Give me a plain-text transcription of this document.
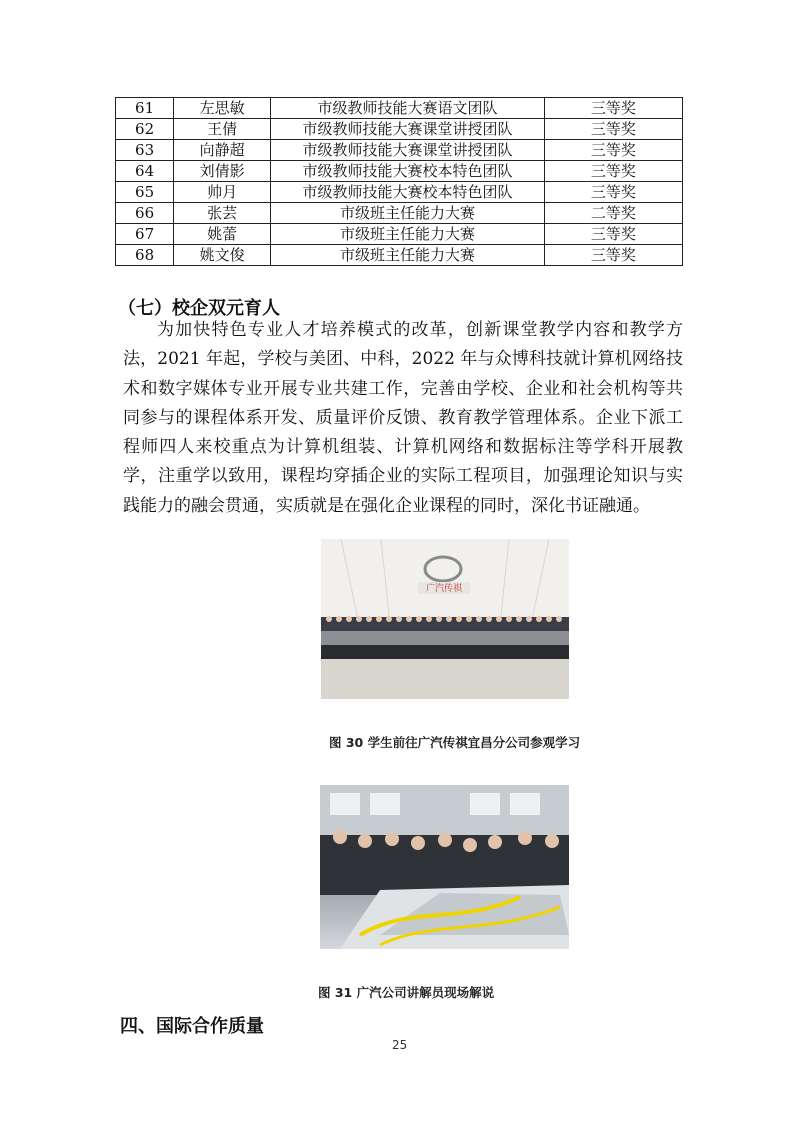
61	左思敏	市级教师技能大赛语文团队	三等奖
62	王倩	市级教师技能大赛课堂讲授团队	三等奖
63	向静超	市级教师技能大赛课堂讲授团队	三等奖
64	刘倩影	市级教师技能大赛校本特色团队	三等奖
65	帅月	市级教师技能大赛校本特色团队	三等奖
66	张芸	市级班主任能力大赛	二等奖
67	姚蕾	市级班主任能力大赛	三等奖
68	姚文俊	市级班主任能力大赛	三等奖
（七）校企双元育人

为加快特色专业人才培养模式的改革，创新课堂教学内容和教学方法，2021 年起，学校与美团、中科，2022 年与众博科技就计算机网络技术和数字媒体专业开展专业共建工作，完善由学校、企业和社会机构等共同参与的课程体系开发、质量评价反馈、教育教学管理体系。企业下派工程师四人来校重点为计算机组装、计算机网络和数据标注等学科开展教学，注重学以致用，课程均穿插企业的实际工程项目，加强理论知识与实践能力的融会贯通，实质就是在强化企业课程的同时，深化书证融通。

广汽传祺

图 30 学生前往广汽传祺宜昌分公司参观学习

图 31 广汽公司讲解员现场解说

四、国际合作质量
25
